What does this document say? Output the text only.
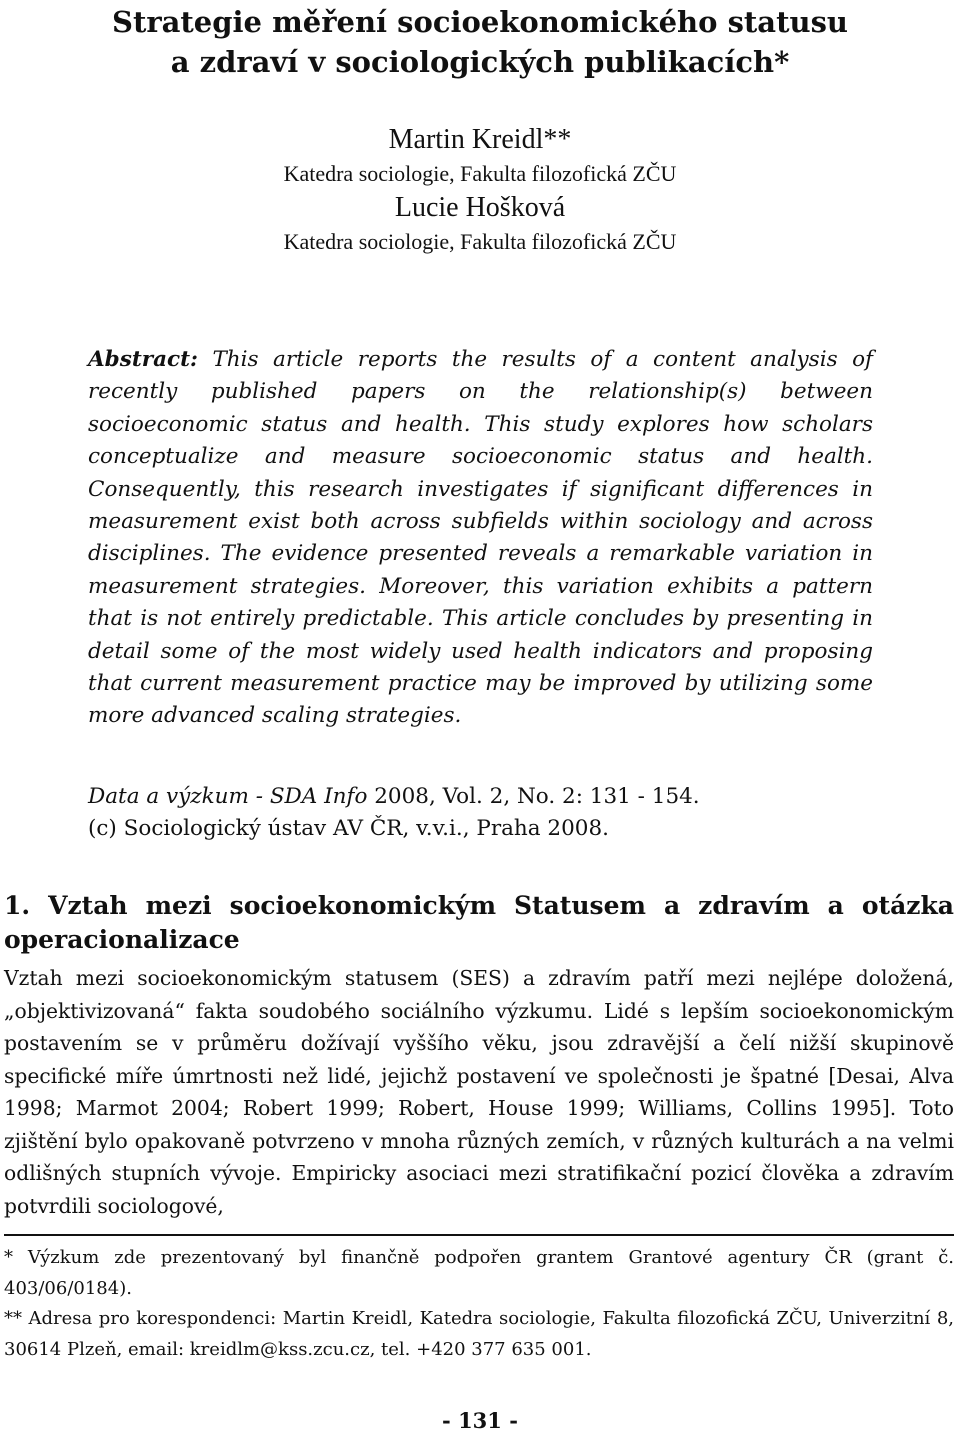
Strategie měření socioekonomického statusu
a zdraví v sociologických publikacích*
Martin Kreidl**
Katedra sociologie, Fakulta filozofická ZČU
Lucie Hošková
Katedra sociologie, Fakulta filozofická ZČU

Abstract: This article reports the results of a content analysis of recently published papers on the relationship(s) between socioeconomic status and health. This study explores how scholars conceptualize and measure socioeconomic status and health. Consequently, this research investigates if significant differences in measurement exist both across subfields within sociology and across disciplines. The evidence presented reveals a remarkable variation in measurement strategies. Moreover, this variation exhibits a pattern that is not entirely predictable. This article concludes by presenting in detail some of the most widely used health indicators and proposing that current measurement practice may be improved by utilizing some more advanced scaling strategies.

Data a výzkum - SDA Info 2008, Vol. 2, No. 2: 131 - 154.
(c) Sociologický ústav AV ČR, v.v.i., Praha 2008.
1. Vztah mezi socioekonomickým Statusem a zdravím a otázka operacionalizace

Vztah mezi socioekonomickým statusem (SES) a zdravím patří mezi nejlépe doložená, „objektivizovaná“ fakta soudobého sociálního výzkumu. Lidé s lepším socioekonomickým postavením se v průměru dožívají vyššího věku, jsou zdravější a čelí nižší skupinově specifické míře úmrtnosti než lidé, jejichž postavení ve společnosti je špatné [Desai, Alva 1998; Marmot 2004; Robert 1999; Robert, House 1999; Williams, Collins 1995]. Toto zjištění bylo opakovaně potvrzeno v mnoha různých zemích, v různých kulturách a na velmi odlišných stupních vývoje. Empiricky asociaci mezi stratifikační pozicí člověka a zdravím potvrdili sociologové,

* Výzkum zde prezentovaný byl finančně podpořen grantem Grantové agentury ČR (grant č. 403/06/0184).

** Adresa pro korespondenci: Martin Kreidl, Katedra sociologie, Fakulta filozofická ZČU, Univerzitní 8, 30614 Plzeň, email: kreidlm@kss.zcu.cz, tel. +420 377 635 001.

- 131 -
